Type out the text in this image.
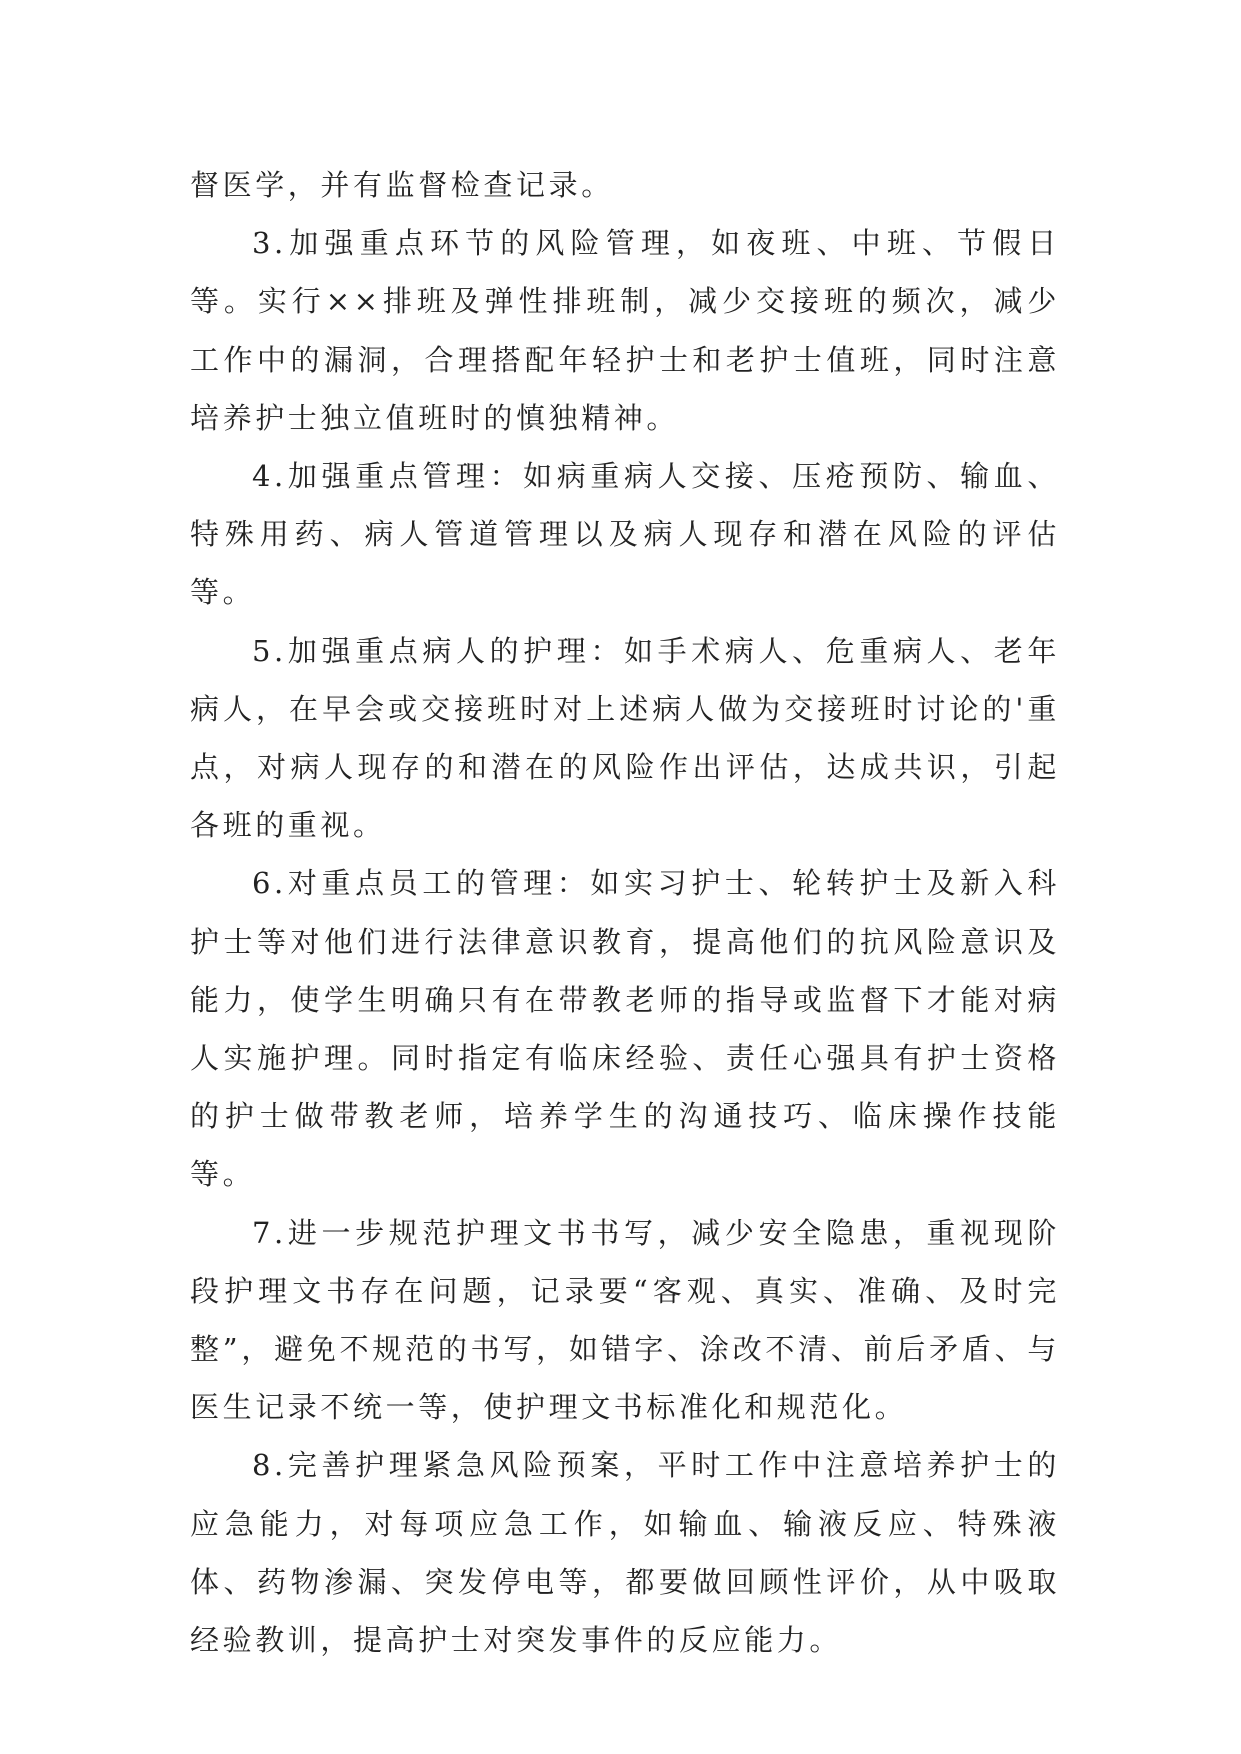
督医学，并有监督检查记录。

3.加强重点环节的风险管理，如夜班、中班、节假日等。实行××排班及弹性排班制，减少交接班的频次，减少工作中的漏洞，合理搭配年轻护士和老护士值班，同时注意培养护士独立值班时的慎独精神。

4.加强重点管理：如病重病人交接、压疮预防、输血、特殊用药、病人管道管理以及病人现存和潜在风险的评估等。

5.加强重点病人的护理：如手术病人、危重病人、老年病人，在早会或交接班时对上述病人做为交接班时讨论的'重点，对病人现存的和潜在的风险作出评估，达成共识，引起各班的重视。

6.对重点员工的管理：如实习护士、轮转护士及新入科护士等对他们进行法律意识教育，提高他们的抗风险意识及能力，使学生明确只有在带教老师的指导或监督下才能对病人实施护理。同时指定有临床经验、责任心强具有护士资格的护士做带教老师，培养学生的沟通技巧、临床操作技能等。

7.进一步规范护理文书书写，减少安全隐患，重视现阶段护理文书存在问题，记录要“客观、真实、准确、及时完整”，避免不规范的书写，如错字、涂改不清、前后矛盾、与医生记录不统一等，使护理文书标准化和规范化。

8.完善护理紧急风险预案，平时工作中注意培养护士的应急能力，对每项应急工作，如输血、输液反应、特殊液体、药物渗漏、突发停电等，都要做回顾性评价，从中吸取经验教训，提高护士对突发事件的反应能力。
